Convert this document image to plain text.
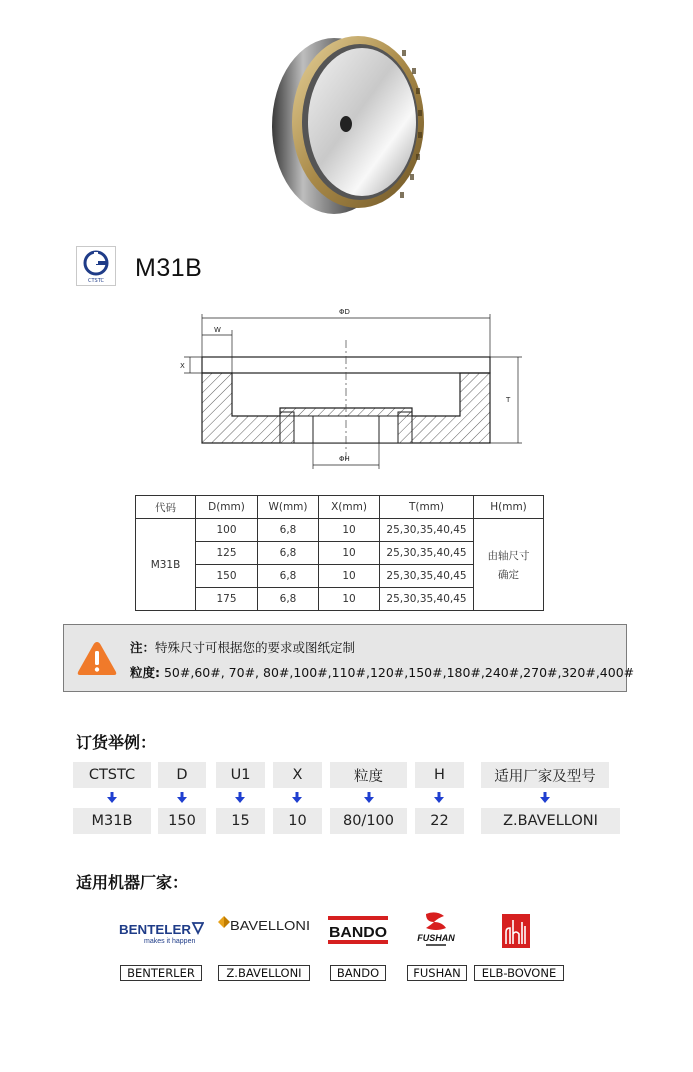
CTSTC M31B
ΦD
W
X
T
ΦH
代码	D(mm)	W(mm)	X(mm)	T(mm)	H(mm)
M31B	100	6,8	10	25,30,35,40,45	由轴尺寸
确定

	125	6,8	10	25,30,35,40,45	
	150	6,8	10	25,30,35,40,45	
	175	6,8	10	25,30,35,40,45	
注：特殊尺寸可根据您的要求或图纸定制
粒度: 50#,60#, 70#, 80#,100#,110#,120#,150#,180#,240#,270#,320#,400#
订货举例：
CTSTC	D	U1	X	粒度	H	适用厂家及型号
M31B	150	15	10	80/100	22	Z.BAVELLONI
适用机器厂家：
BENTELER
makes it happen
BAVELLONI BANDO	FUSHAN
BENTERLER	Z.BAVELLONI	BANDO	FUSHAN	ELB-BOVONE
